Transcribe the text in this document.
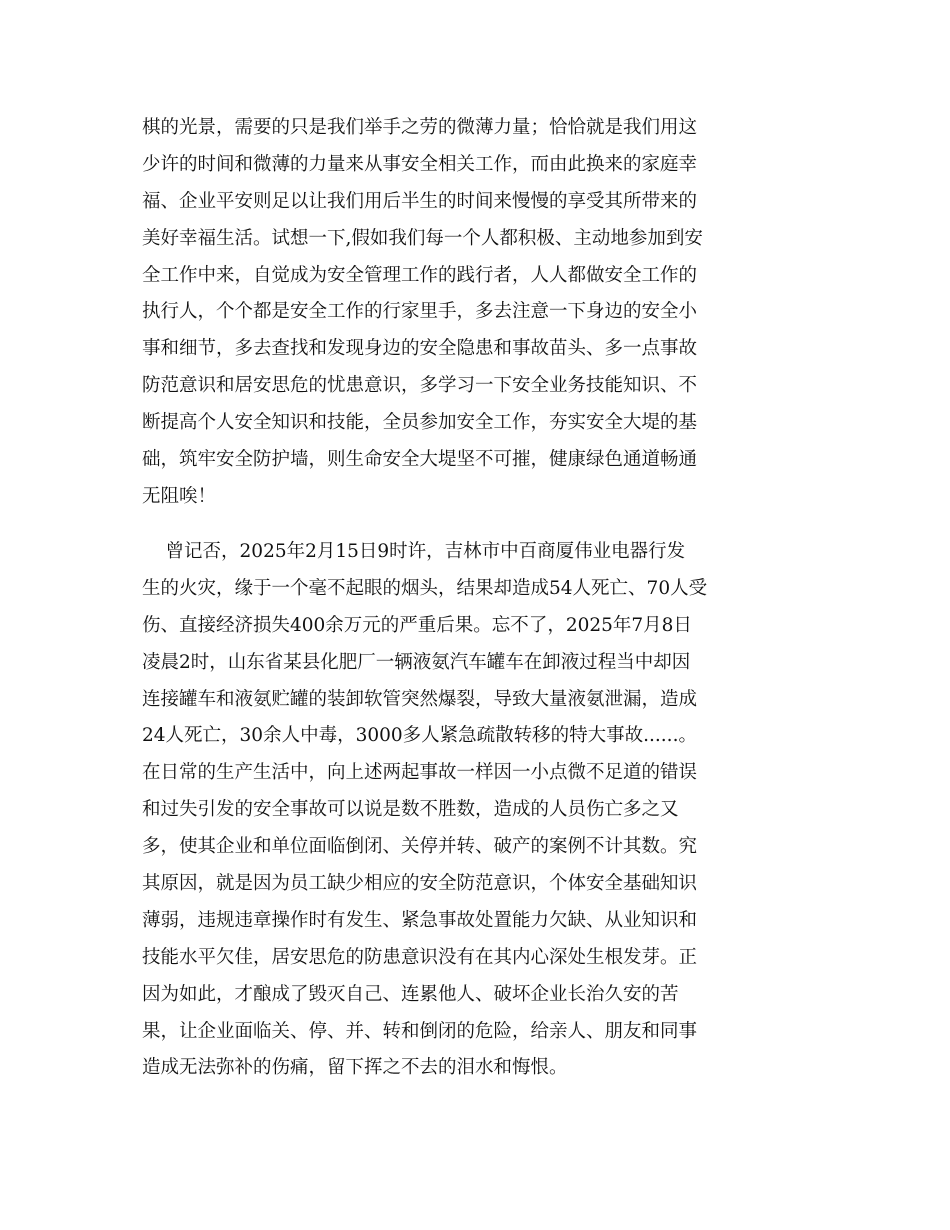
棋的光景，需要的只是我们举手之劳的微薄力量；恰恰就是我们用这
少许的时间和微薄的力量来从事安全相关工作，而由此换来的家庭幸
福、企业平安则足以让我们用后半生的时间来慢慢的享受其所带来的
美好幸福生活。试想一下,假如我们每一个人都积极、主动地参加到安
全工作中来，自觉成为安全管理工作的践行者，人人都做安全工作的
执行人，个个都是安全工作的行家里手，多去注意一下身边的安全小
事和细节，多去查找和发现身边的安全隐患和事故苗头、多一点事故
防范意识和居安思危的忧患意识，多学习一下安全业务技能知识、不
断提高个人安全知识和技能，全员参加安全工作，夯实安全大堤的基
础，筑牢安全防护墙，则生命安全大堤坚不可摧，健康绿色通道畅通
无阻唉！
曾记否，2025年2月15日9时许，吉林市中百商厦伟业电器行发
生的火灾，缘于一个毫不起眼的烟头，结果却造成54人死亡、70人受
伤、直接经济损失400余万元的严重后果。忘不了，2025年7月8日
凌晨2时，山东省某县化肥厂一辆液氨汽车罐车在卸液过程当中却因
连接罐车和液氨贮罐的装卸软管突然爆裂，导致大量液氨泄漏，造成
24人死亡，30余人中毒，3000多人紧急疏散转移的特大事故......。
在日常的生产生活中，向上述两起事故一样因一小点微不足道的错误
和过失引发的安全事故可以说是数不胜数，造成的人员伤亡多之又
多，使其企业和单位面临倒闭、关停并转、破产的案例不计其数。究
其原因，就是因为员工缺少相应的安全防范意识，个体安全基础知识
薄弱，违规违章操作时有发生、紧急事故处置能力欠缺、从业知识和
技能水平欠佳，居安思危的防患意识没有在其内心深处生根发芽。正
因为如此，才酿成了毁灭自己、连累他人、破坏企业长治久安的苦
果，让企业面临关、停、并、转和倒闭的危险，给亲人、朋友和同事
造成无法弥补的伤痛，留下挥之不去的泪水和悔恨。
